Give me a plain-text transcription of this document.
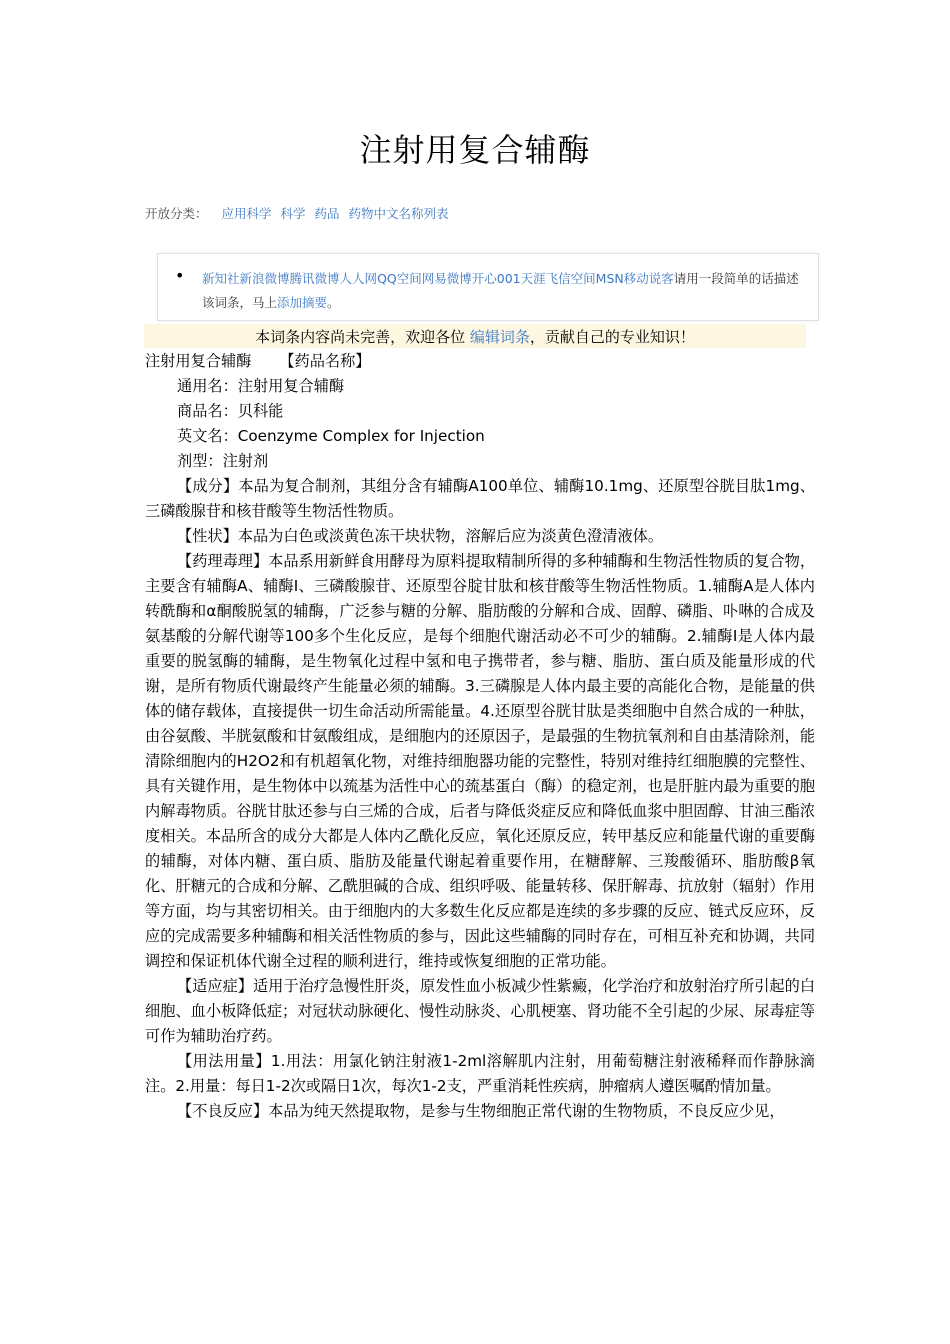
注射用复合辅酶
开放分类： 应用科学 科学 药品 药物中文名称列表
• 新知社新浪微博腾讯微博人人网QQ空间网易微博开心001天涯飞信空间MSN移动说客请用一段简单的话描述该词条，马上添加摘要。
本词条内容尚未完善，欢迎各位 编辑词条，贡献自己的专业知识！

注射用复合辅酶 【药品名称】

通用名：注射用复合辅酶

商品名：贝科能

英文名：Coenzyme Complex for Injection

剂型：注射剂

【成分】本品为复合制剂，其组分含有辅酶A100单位、辅酶10.1mg、还原型谷胱目肽1mg、三磷酸腺苷和核苷酸等生物活性物质。

【性状】本品为白色或淡黄色冻干块状物，溶解后应为淡黄色澄清液体。

【药理毒理】本品系用新鲜食用酵母为原料提取精制所得的多种辅酶和生物活性物质的复合物，主要含有辅酶A、辅酶I、三磷酸腺苷、还原型谷腚甘肽和核苷酸等生物活性物质。1.辅酶A是人体内转酰酶和α酮酸脱氢的辅酶，广泛参与糖的分解、脂肪酸的分解和合成、固醇、磷脂、卟啉的合成及氨基酸的分解代谢等100多个生化反应，是每个细胞代谢活动必不可少的辅酶。2.辅酶I是人体内最重要的脱氢酶的辅酶，是生物氧化过程中氢和电子携带者，参与糖、脂肪、蛋白质及能量形成的代谢，是所有物质代谢最终产生能量必须的辅酶。3.三磷腺是人体内最主要的高能化合物，是能量的供体的储存载体，直接提供一切生命活动所需能量。4.还原型谷胱甘肽是类细胞中自然合成的一种肽，由谷氨酸、半胱氨酸和甘氨酸组成，是细胞内的还原因子，是最强的生物抗氧剂和自由基清除剂，能清除细胞内的H2O2和有机超氧化物，对维持细胞器功能的完整性，特别对维持红细胞膜的完整性、具有关键作用，是生物体中以巯基为活性中心的巯基蛋白（酶）的稳定剂，也是肝脏内最为重要的胞内解毒物质。谷胱甘肽还参与白三烯的合成，后者与降低炎症反应和降低血浆中胆固醇、甘油三酯浓度相关。本品所含的成分大都是人体内乙酰化反应，氧化还原反应，转甲基反应和能量代谢的重要酶的辅酶，对体内糖、蛋白质、脂肪及能量代谢起着重要作用，在糖酵解、三羧酸循环、脂肪酸β氧化、肝糖元的合成和分解、乙酰胆碱的合成、组织呼吸、能量转移、保肝解毒、抗放射（辐射）作用等方面，均与其密切相关。由于细胞内的大多数生化反应都是连续的多步骤的反应、链式反应环，反应的完成需要多种辅酶和相关活性物质的参与，因此这些辅酶的同时存在，可相互补充和协调，共同调控和保证机体代谢全过程的顺利进行，维持或恢复细胞的正常功能。

【适应症】适用于治疗急慢性肝炎，原发性血小板减少性紫癜，化学治疗和放射治疗所引起的白细胞、血小板降低症；对冠状动脉硬化、慢性动脉炎、心肌梗塞、肾功能不全引起的少尿、尿毒症等可作为辅助治疗药。

【用法用量】1.用法：用氯化钠注射液1-2ml溶解肌内注射，用葡萄糖注射液稀释而作静脉滴注。2.用量：每日1-2次或隔日1次，每次1-2支，严重消耗性疾病，肿瘤病人遵医嘱酌情加量。

【不良反应】本品为纯天然提取物，是参与生物细胞正常代谢的生物物质，不良反应少见，
